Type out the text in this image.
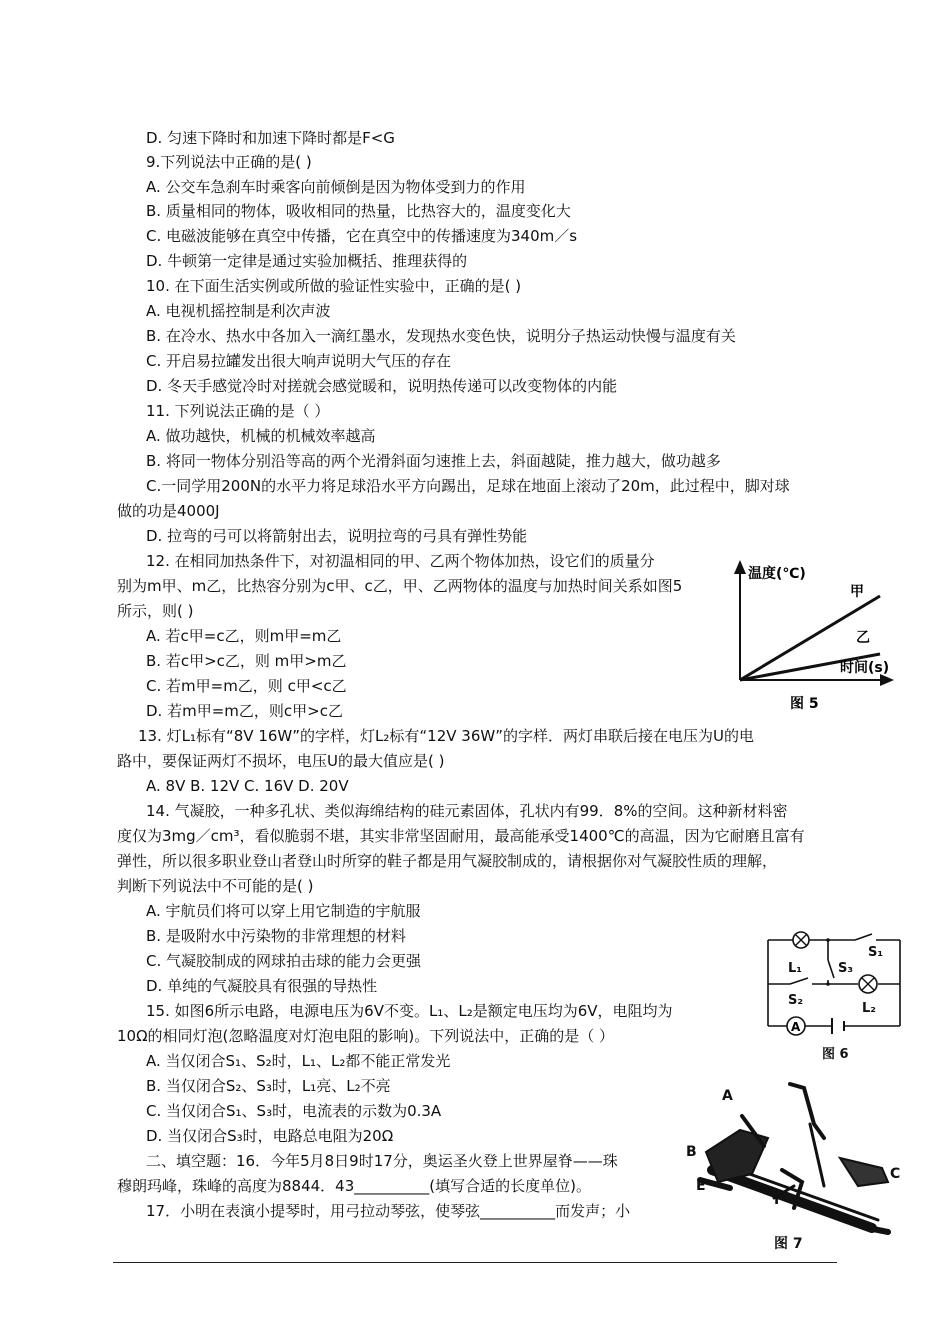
D. 匀速下降时和加速下降时都是F<G
9.下列说法中正确的是( )
A. 公交车急刹车时乘客向前倾倒是因为物体受到力的作用
B. 质量相同的物体，吸收相同的热量，比热容大的，温度变化大
C. 电磁波能够在真空中传播，它在真空中的传播速度为340m／s
D. 牛顿第一定律是通过实验加概括、推理获得的
10. 在下面生活实例或所做的验证性实验中，正确的是( )
A. 电视机摇控制是利次声波
B. 在冷水、热水中各加入一滴红墨水，发现热水变色快，说明分子热运动快慢与温度有关
C. 开启易拉罐发出很大响声说明大气压的存在
D. 冬天手感觉冷时对搓就会感觉暖和，说明热传递可以改变物体的内能
11. 下列说法正确的是（ ）
A. 做功越快，机械的机械效率越高
B. 将同一物体分别沿等高的两个光滑斜面匀速推上去，斜面越陡，推力越大，做功越多
C.一同学用200N的水平力将足球沿水平方向踢出，足球在地面上滚动了20m，此过程中，脚对球
做的功是4000J
D. 拉弯的弓可以将箭射出去，说明拉弯的弓具有弹性势能
12. 在相同加热条件下，对初温相同的甲、乙两个物体加热，设它们的质量分
别为m甲、m乙，比热容分别为c甲、c乙，甲、乙两物体的温度与加热时间关系如图5
所示，则( )
A. 若c甲=c乙，则m甲=m乙
B. 若c甲>c乙，则 m甲>m乙
C. 若m甲=m乙，则 c甲<c乙
D. 若m甲=m乙，则c甲>c乙
13. 灯L₁标有“8V 16W”的字样，灯L₂标有“12V 36W”的字样．两灯串联后接在电压为U的电
路中，要保证两灯不损坏，电压U的最大值应是( )
A. 8V B. 12V C. 16V D. 20V
14. 气凝胶，一种多孔状、类似海绵结构的硅元素固体，孔状内有99．8%的空间。这种新材料密
度仅为3mg／cm³，看似脆弱不堪，其实非常坚固耐用，最高能承受1400℃的高温，因为它耐磨且富有
弹性，所以很多职业登山者登山时所穿的鞋子都是用气凝胶制成的，请根据你对气凝胶性质的理解，
判断下列说法中不可能的是( )
A. 宇航员们将可以穿上用它制造的宇航服
B. 是吸附水中污染物的非常理想的材料
C. 气凝胶制成的网球拍击球的能力会更强
D. 单纯的气凝胶具有很强的导热性
15. 如图6所示电路，电源电压为6V不变。L₁、L₂是额定电压均为6V，电阻均为
10Ω的相同灯泡(忽略温度对灯泡电阻的影响)。下列说法中，正确的是（ ）
A. 当仅闭合S₁、S₂时，L₁、L₂都不能正常发光
B. 当仅闭合S₂、S₃时，L₁亮、L₂不亮
C. 当仅闭合S₁、S₃时，电流表的示数为0.3A
D. 当仅闭合S₃时，电路总电阻为20Ω
二、填空题：16．今年5月8日9时17分，奥运圣火登上世界屋脊——珠
穆朗玛峰，珠峰的高度为8844．43__________(填写合适的长度单位)。
17．小明在表演小提琴时，用弓拉动琴弦，使琴弦__________而发声；小
温度(℃)
甲
乙
时间(s)
图 5
A
S₁
L₁	S₃
S₂
L₂
图 6
A
B
C
E
F
图 7
